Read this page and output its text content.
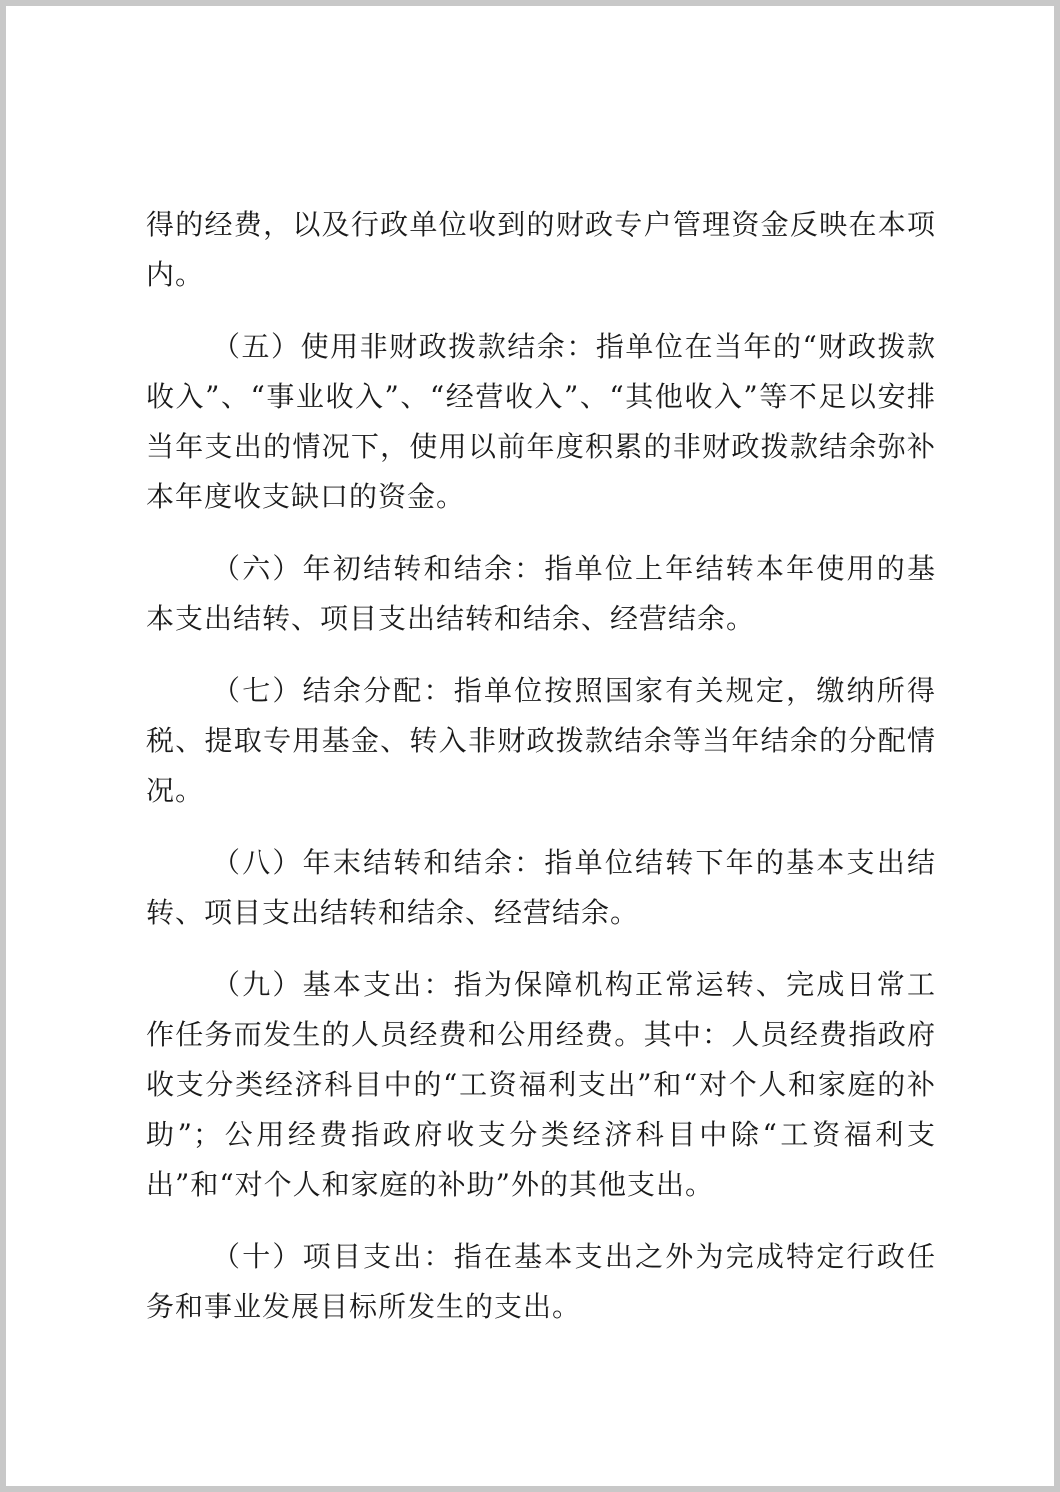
得的经费，以及行政单位收到的财政专户管理资金反映在本项内。

（五）使用非财政拨款结余：指单位在当年的“财政拨款收入”、“事业收入”、“经营收入”、“其他收入”等不足以安排当年支出的情况下，使用以前年度积累的非财政拨款结余弥补本年度收支缺口的资金。

（六）年初结转和结余：指单位上年结转本年使用的基本支出结转、项目支出结转和结余、经营结余。

（七）结余分配：指单位按照国家有关规定，缴纳所得税、提取专用基金、转入非财政拨款结余等当年结余的分配情况。

（八）年末结转和结余：指单位结转下年的基本支出结转、项目支出结转和结余、经营结余。

（九）基本支出：指为保障机构正常运转、完成日常工作任务而发生的人员经费和公用经费。其中：人员经费指政府收支分类经济科目中的“工资福利支出”和“对个人和家庭的补助”；公用经费指政府收支分类经济科目中除“工资福利支出”和“对个人和家庭的补助”外的其他支出。

（十）项目支出：指在基本支出之外为完成特定行政任务和事业发展目标所发生的支出。
